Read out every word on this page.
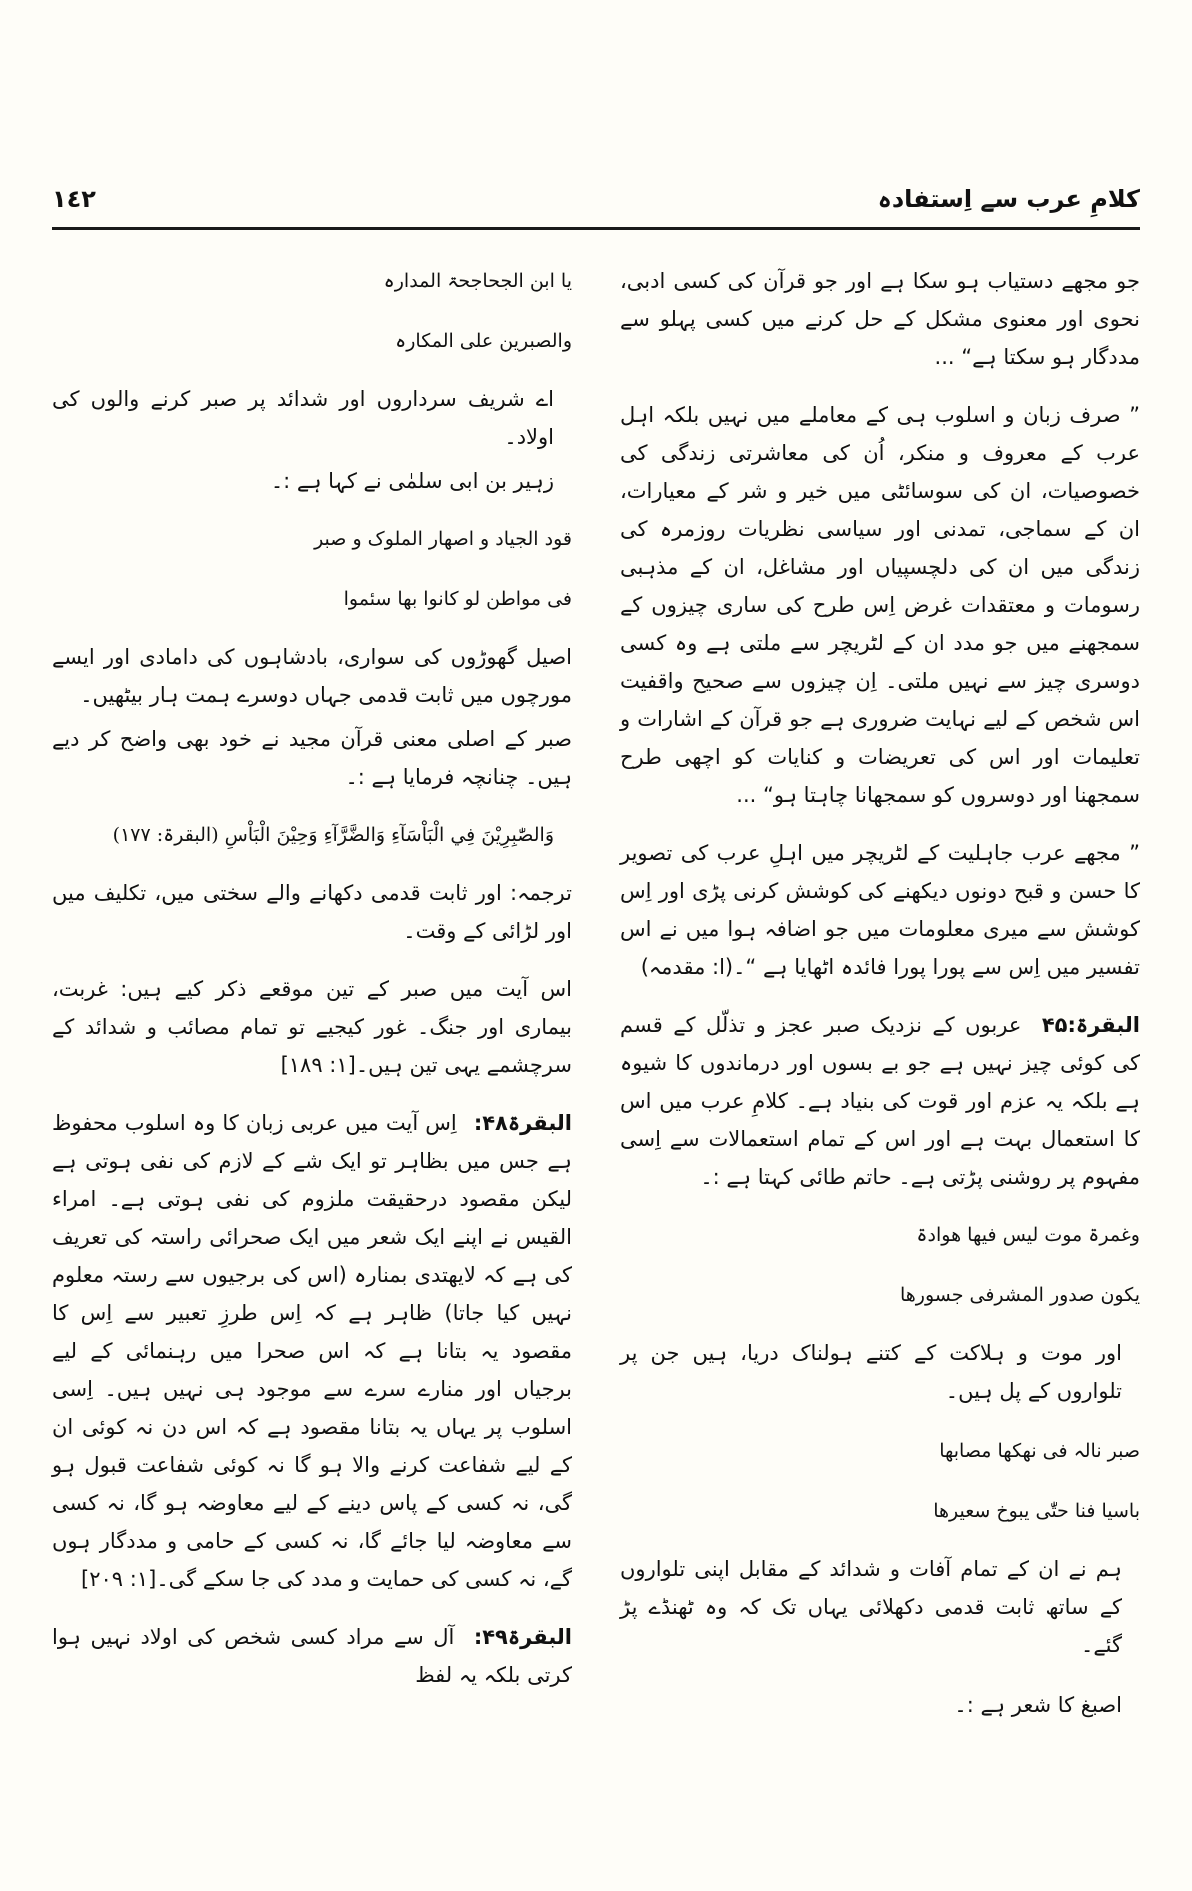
کلامِ عرب سے اِستفادہ
١٤٢

جو مجھے دستیاب ہو سکا ہے اور جو قرآن کی کسی ادبی، نحوی اور معنوی مشکل کے حل کرنے میں کسی پہلو سے مددگار ہو سکتا ہے“ ...

” صرف زبان و اسلوب ہی کے معاملے میں نہیں بلکہ اہل عرب کے معروف و منکر، اُن کی معاشرتی زندگی کی خصوصیات، ان کی سوسائٹی میں خیر و شر کے معیارات، ان کے سماجی، تمدنی اور سیاسی نظریات روزمرہ کی زندگی میں ان کی دلچسپیاں اور مشاغل، ان کے مذہبی رسومات و معتقدات غرض اِس طرح کی ساری چیزوں کے سمجھنے میں جو مدد ان کے لٹریچر سے ملتی ہے وہ کسی دوسری چیز سے نہیں ملتی۔ اِن چیزوں سے صحیح واقفیت اس شخص کے لیے نہایت ضروری ہے جو قرآن کے اشارات و تعلیمات اور اس کی تعریضات و کنایات کو اچھی طرح سمجھنا اور دوسروں کو سمجھانا چاہتا ہو“ ...

” مجھے عرب جاہلیت کے لٹریچر میں اہلِ عرب کی تصویر کا حسن و قبح دونوں دیکھنے کی کوشش کرنی پڑی اور اِس کوشش سے میری معلومات میں جو اضافہ ہوا میں نے اس تفسیر میں اِس سے پورا پورا فائدہ اٹھایا ہے “۔(ا: مقدمہ)

البقرۃ:۴۵ عربوں کے نزدیک صبر عجز و تذلّل کے قسم کی کوئی چیز نہیں ہے جو بے بسوں اور درماندوں کا شیوہ ہے بلکہ یہ عزم اور قوت کی بنیاد ہے۔ کلامِ عرب میں اس کا استعمال بہت ہے اور اس کے تمام استعمالات سے اِسی مفہوم پر روشنی پڑتی ہے۔ حاتم طائی کہتا ہے :۔

وغمرۃ موت لیس فیھا ھوادۃ
یکون صدور المشرفی جسورھا

اور موت و ہلاکت کے کتنے ہولناک دریا، ہیں جن پر تلواروں کے پل ہیں۔

صبر نالہ فی نھکھا مصابھا
باسیا فنا حتّٰی یبوخ سعیرھا

ہم نے ان کے تمام آفات و شدائد کے مقابل اپنی تلواروں کے ساتھ ثابت قدمی دکھلائی یہاں تک کہ وہ ٹھنڈے پڑ گئے۔

اصبغ کا شعر ہے :۔

یا ابن الجحاجحۃ المدارہ
والصبرین علی المکارہ

اے شریف سرداروں اور شدائد پر صبر کرنے والوں کی اولاد۔

زہیر بن ابی سلمٰی نے کہا ہے :۔

قود الجیاد و اصھار الملوک و صبر
فی مواطن لو کانوا بھا سئموا

اصیل گھوڑوں کی سواری، بادشاہوں کی دامادی اور ایسے مورچوں میں ثابت قدمی جہاں دوسرے ہمت ہار بیٹھیں۔

صبر کے اصلی معنی قرآن مجید نے خود بھی واضح کر دیے ہیں۔ چنانچہ فرمایا ہے :۔

وَالصّٰبِرِيْنَ فِي الْبَاْسَآءِ وَالضَّرَّآءِ وَحِيْنَ الْبَاْسِ (البقرۃ: ۱۷۷)

ترجمہ: اور ثابت قدمی دکھانے والے سختی میں، تکلیف میں اور لڑائی کے وقت۔

اس آیت میں صبر کے تین موقعے ذکر کیے ہیں: غربت، بیماری اور جنگ۔ غور کیجیے تو تمام مصائب و شدائد کے سرچشمے یہی تین ہیں۔[۱: ۱۸۹]

البقرۃ۴۸: اِس آیت میں عربی زبان کا وہ اسلوب محفوظ ہے جس میں بظاہر تو ایک شے کے لازم کی نفی ہوتی ہے لیکن مقصود درحقیقت ملزوم کی نفی ہوتی ہے۔ امراء القیس نے اپنے ایک شعر میں ایک صحرائی راستہ کی تعریف کی ہے کہ لایھتدی بمنارہ (اس کی برجیوں سے رستہ معلوم نہیں کیا جاتا) ظاہر ہے کہ اِس طرزِ تعبیر سے اِس کا مقصود یہ بتانا ہے کہ اس صحرا میں رہنمائی کے لیے برجیاں اور منارے سرے سے موجود ہی نہیں ہیں۔ اِسی اسلوب پر یہاں یہ بتانا مقصود ہے کہ اس دن نہ کوئی ان کے لیے شفاعت کرنے والا ہو گا نہ کوئی شفاعت قبول ہو گی، نہ کسی کے پاس دینے کے لیے معاوضہ ہو گا، نہ کسی سے معاوضہ لیا جائے گا، نہ کسی کے حامی و مددگار ہوں گے، نہ کسی کی حمایت و مدد کی جا سکے گی۔[۱: ۲۰۹]

البقرۃ۴۹: آل سے مراد کسی شخص کی اولاد نہیں ہوا کرتی بلکہ یہ لفظ
